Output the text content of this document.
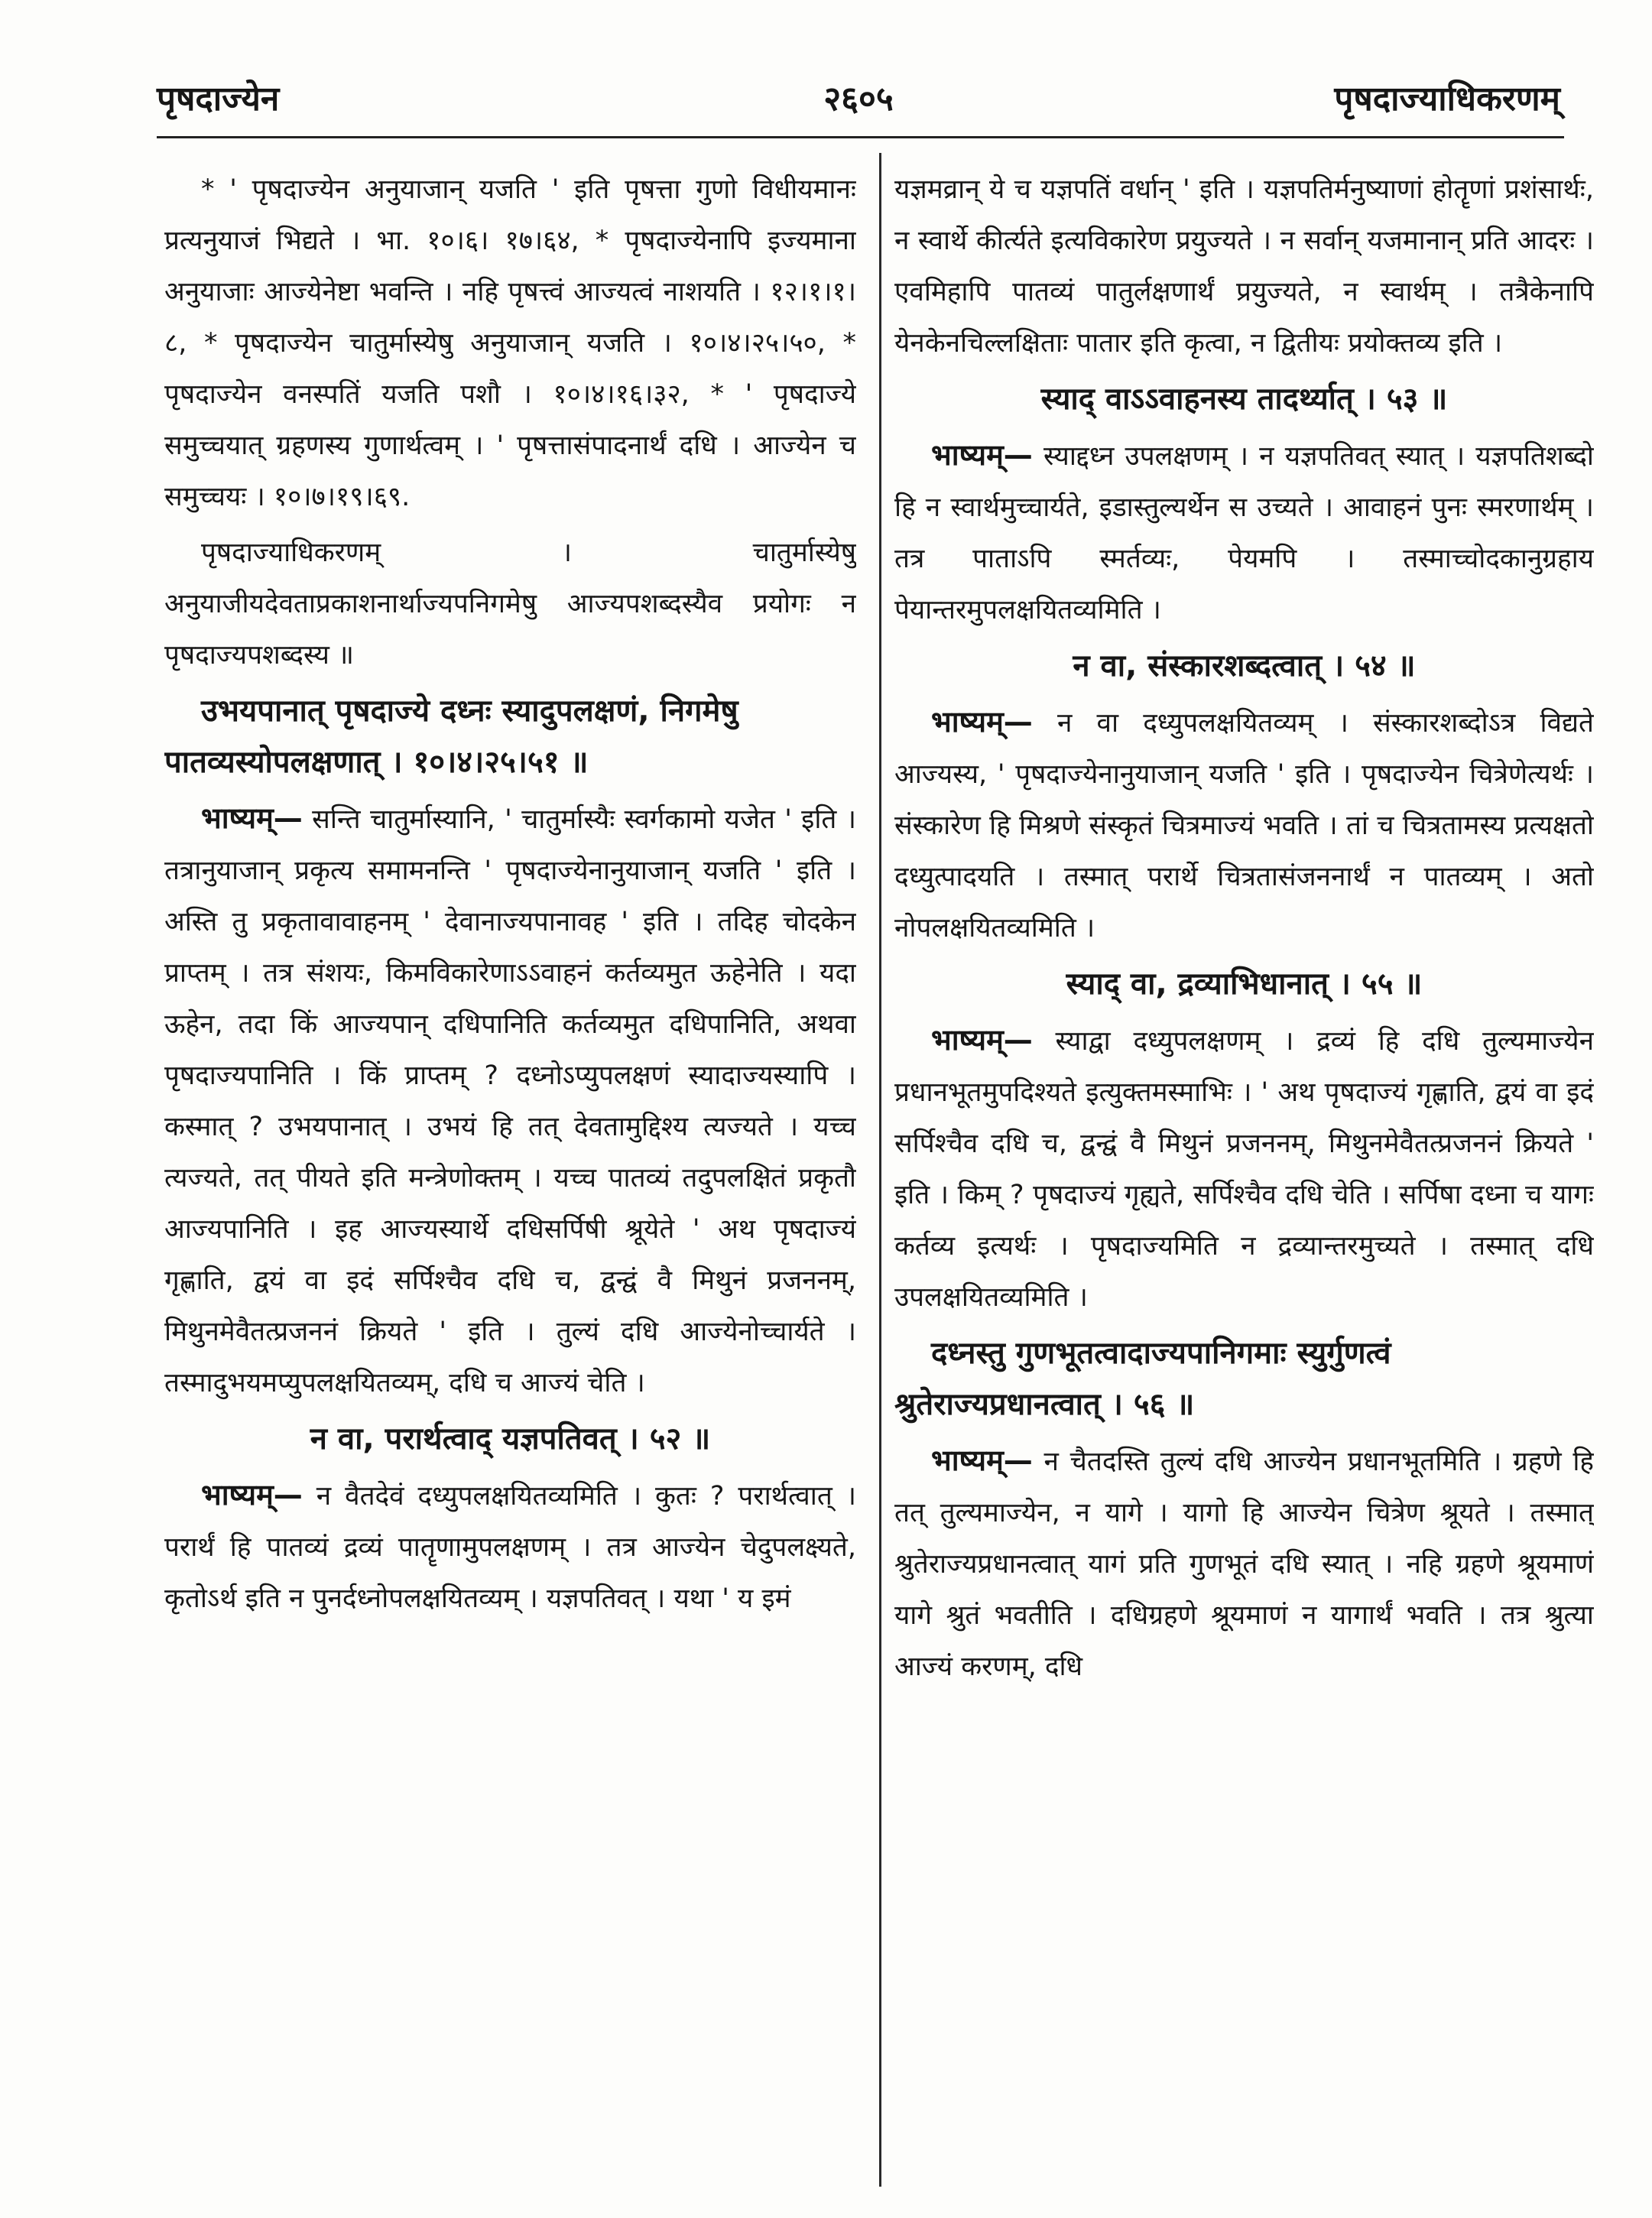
पृषदाज्येन	२६०५	पृषदाज्याधिकरणम्

* ' पृषदाज्येन अनुयाजान् यजति ' इति पृषत्ता गुणो विधीयमानः प्रत्यनुयाजं भिद्यते । भा. १०।६। १७।६४, * पृषदाज्येनापि इज्यमाना अनुयाजाः आज्येनेष्टा भवन्ति । नहि पृषत्त्वं आज्यत्वं नाशयति । १२।१।१।८, * पृषदाज्येन चातुर्मास्येषु अनुयाजान् यजति । १०।४।२५।५०, * पृषदाज्येन वनस्पतिं यजति पशौ । १०।४।१६।३२, * ' पृषदाज्ये समुच्चयात् ग्रहणस्य गुणार्थत्वम् । ' पृषत्तासंपादनार्थं दधि । आज्येन च समुच्चयः । १०।७।१९।६९.

पृषदाज्याधिकरणम् । चातुर्मास्येषु अनुयाजीयदेवताप्रकाशनार्थाज्यपनिगमेषु आज्यपशब्दस्यैव प्रयोगः न पृषदाज्यपशब्दस्य ॥

उभयपानात् पृषदाज्ये दध्नः स्यादुपलक्षणं, निगमेषु पातव्यस्योपलक्षणात् । १०।४।२५।५१ ॥

भाष्यम्— सन्ति चातुर्मास्यानि, ' चातुर्मास्यैः स्वर्गकामो यजेत ' इति । तत्रानुयाजान् प्रकृत्य समामनन्ति ' पृषदाज्येनानुयाजान् यजति ' इति । अस्ति तु प्रकृतावावाहनम् ' देवानाज्यपानावह ' इति । तदिह चोदकेन प्राप्तम् । तत्र संशयः, किमविकारेणाऽऽवाहनं कर्तव्यमुत ऊहेनेति । यदा ऊहेन, तदा किं आज्यपान् दधिपानिति कर्तव्यमुत दधिपानिति, अथवा पृषदाज्यपानिति । किं प्राप्तम् ? दध्नोऽप्युपलक्षणं स्यादाज्यस्यापि । कस्मात् ? उभयपानात् । उभयं हि तत् देवतामुद्दिश्य त्यज्यते । यच्च त्यज्यते, तत् पीयते इति मन्त्रेणोक्तम् । यच्च पातव्यं तदुपलक्षितं प्रकृतौ आज्यपानिति । इह आज्यस्यार्थे दधिसर्पिषी श्रूयेते ' अथ पृषदाज्यं गृह्णाति, द्वयं वा इदं सर्पिश्चैव दधि च, द्वन्द्वं वै मिथुनं प्रजननम्, मिथुनमेवैतत्प्रजननं क्रियते ' इति । तुल्यं दधि आज्येनोच्चार्यते । तस्मादुभयमप्युपलक्षयितव्यम्, दधि च आज्यं चेति ।

न वा, परार्थत्वाद् यज्ञपतिवत् । ५२ ॥

भाष्यम्— न वैतदेवं दध्युपलक्षयितव्यमिति । कुतः ? परार्थत्वात् । परार्थं हि पातव्यं द्रव्यं पातॄणामुपलक्षणम् । तत्र आज्येन चेदुपलक्ष्यते, कृतोऽर्थ इति न पुनर्दध्नोपलक्षयितव्यम् । यज्ञपतिवत् । यथा ' य इमं

यज्ञमव्रान् ये च यज्ञपतिं वर्धान् ' इति । यज्ञपतिर्मनुष्याणां होतॄणां प्रशंसार्थः, न स्वार्थे कीर्त्यते इत्यविकारेण प्रयुज्यते । न सर्वान् यजमानान् प्रति आदरः । एवमिहापि पातव्यं पातुर्लक्षणार्थं प्रयुज्यते, न स्वार्थम् । तत्रैकेनापि येनकेनचिल्लक्षिताः पातार इति कृत्वा, न द्वितीयः प्रयोक्तव्य इति ।

स्याद् वाऽऽवाहनस्य तादर्थ्यात् । ५३ ॥

भाष्यम्— स्याद्दध्न उपलक्षणम् । न यज्ञपतिवत् स्यात् । यज्ञपतिशब्दो हि न स्वार्थमुच्चार्यते, इडास्तुल्यर्थेन स उच्यते । आवाहनं पुनः स्मरणार्थम् । तत्र पाताऽपि स्मर्तव्यः, पेयमपि । तस्माच्चोदकानुग्रहाय पेयान्तरमुपलक्षयितव्यमिति ।

न वा, संस्कारशब्दत्वात् । ५४ ॥

भाष्यम्— न वा दध्युपलक्षयितव्यम् । संस्कारशब्दोऽत्र विद्यते आज्यस्य, ' पृषदाज्येनानुयाजान् यजति ' इति । पृषदाज्येन चित्रेणेत्यर्थः । संस्कारेण हि मिश्रणे संस्कृतं चित्रमाज्यं भवति । तां च चित्रतामस्य प्रत्यक्षतो दध्युत्पादयति । तस्मात् परार्थे चित्रतासंजननार्थं न पातव्यम् । अतो नोपलक्षयितव्यमिति ।

स्याद् वा, द्रव्याभिधानात् । ५५ ॥

भाष्यम्— स्याद्वा दध्युपलक्षणम् । द्रव्यं हि दधि तुल्यमाज्येन प्रधानभूतमुपदिश्यते इत्युक्तमस्माभिः । ' अथ पृषदाज्यं गृह्णाति, द्वयं वा इदं सर्पिश्चैव दधि च, द्वन्द्वं वै मिथुनं प्रजननम्, मिथुनमेवैतत्प्रजननं क्रियते ' इति । किम् ? पृषदाज्यं गृह्यते, सर्पिश्चैव दधि चेति । सर्पिषा दध्ना च यागः कर्तव्य इत्यर्थः । पृषदाज्यमिति न द्रव्यान्तरमुच्यते । तस्मात् दधि उपलक्षयितव्यमिति ।

दध्नस्तु गुणभूतत्वादाज्यपानिगमाः स्युर्गुणत्वं श्रुतेराज्यप्रधानत्वात् । ५६ ॥

भाष्यम्— न चैतदस्ति तुल्यं दधि आज्येन प्रधानभूतमिति । ग्रहणे हि तत् तुल्यमाज्येन, न यागे । यागो हि आज्येन चित्रेण श्रूयते । तस्मात् श्रुतेराज्यप्रधानत्वात् यागं प्रति गुणभूतं दधि स्यात् । नहि ग्रहणे श्रूयमाणं यागे श्रुतं भवतीति । दधिग्रहणे श्रूयमाणं न यागार्थं भवति । तत्र श्रुत्या आज्यं करणम्, दधि
